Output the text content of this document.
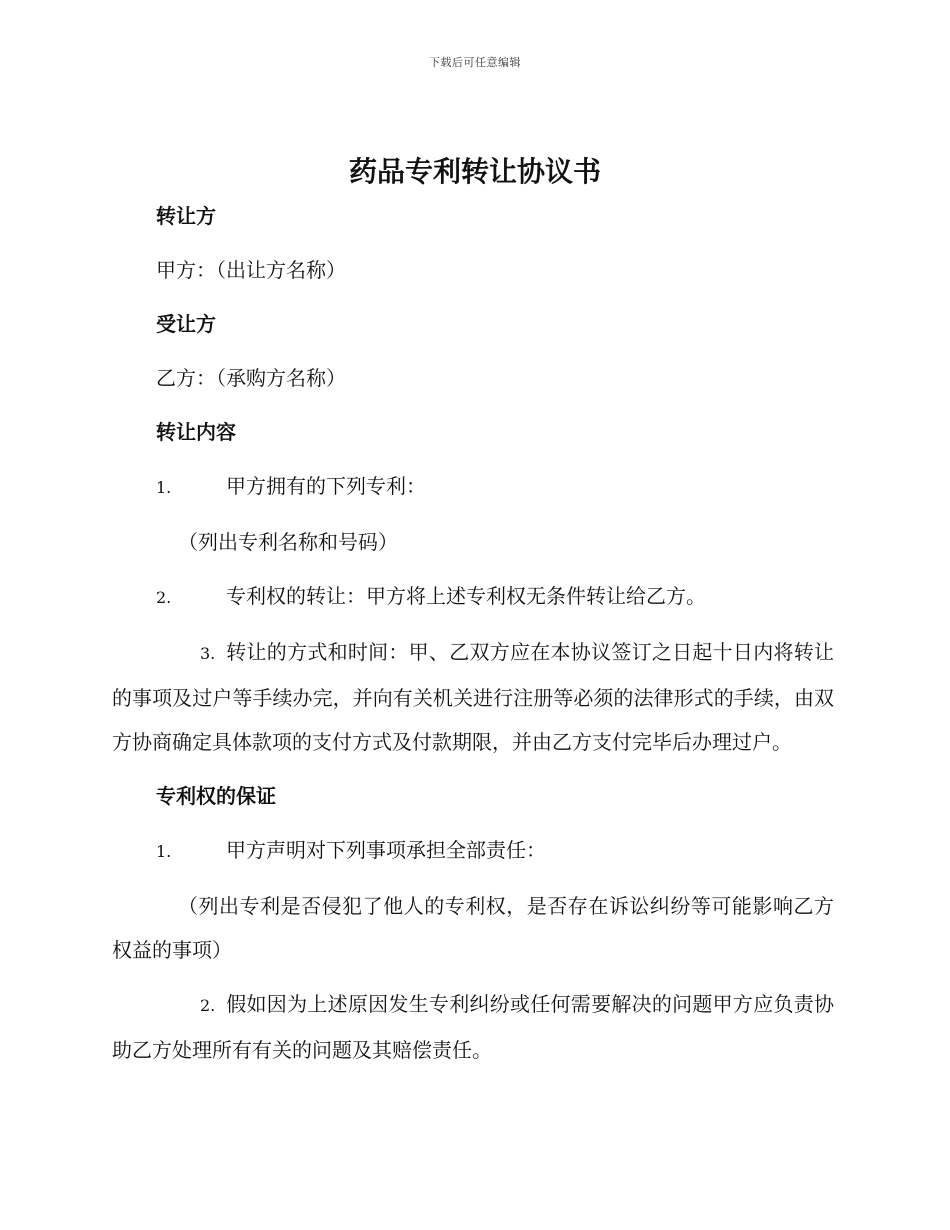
下载后可任意编辑
药品专利转让协议书

转让方

甲方：（出让方名称）

受让方

乙方：（承购方名称）

转让内容

1.	甲方拥有的下列专利：

（列出专利名称和号码）

2.	专利权的转让：甲方将上述专利权无条件转让给乙方。

3. 转让的方式和时间：甲、乙双方应在本协议签订之日起十日内将转让的事项及过户等手续办完，并向有关机关进行注册等必须的法律形式的手续，由双方协商确定具体款项的支付方式及付款期限，并由乙方支付完毕后办理过户。

专利权的保证

1.	甲方声明对下列事项承担全部责任：

（列出专利是否侵犯了他人的专利权，是否存在诉讼纠纷等可能影响乙方权益的事项）

2. 假如因为上述原因发生专利纠纷或任何需要解决的问题甲方应负责协助乙方处理所有有关的问题及其赔偿责任。
